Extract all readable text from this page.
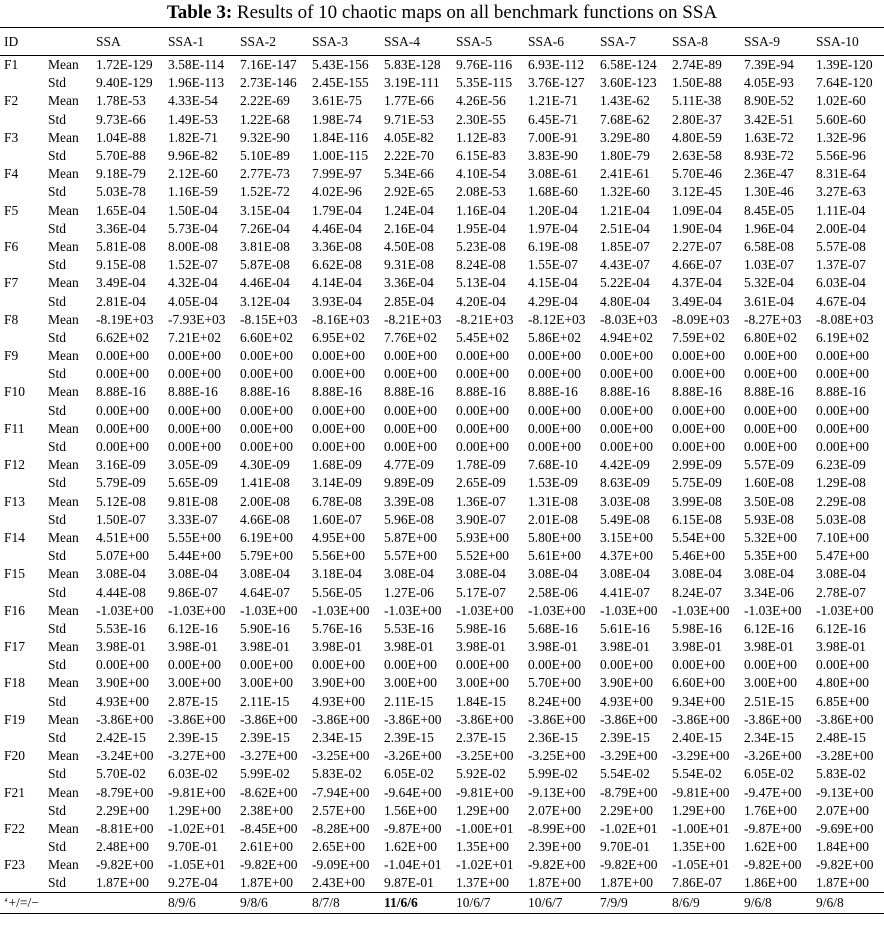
Table 3: Results of 10 chaotic maps on all benchmark functions on SSA
ID		SSA	SSA-1	SSA-2	SSA-3	SSA-4	SSA-5	SSA-6	SSA-7	SSA-8	SSA-9	SSA-10
F1	Mean	1.72E-129	3.58E-114	7.16E-147	5.43E-156	5.83E-128	9.76E-116	6.93E-112	6.58E-124	2.74E-89	7.39E-94	1.39E-120
	Std	9.40E-129	1.96E-113	2.73E-146	2.45E-155	3.19E-111	5.35E-115	3.76E-127	3.60E-123	1.50E-88	4.05E-93	7.64E-120
F2	Mean	1.78E-53	4.33E-54	2.22E-69	3.61E-75	1.77E-66	4.26E-56	1.21E-71	1.43E-62	5.11E-38	8.90E-52	1.02E-60
	Std	9.73E-66	1.49E-53	1.22E-68	1.98E-74	9.71E-53	2.30E-55	6.45E-71	7.68E-62	2.80E-37	3.42E-51	5.60E-60
F3	Mean	1.04E-88	1.82E-71	9.32E-90	1.84E-116	4.05E-82	1.12E-83	7.00E-91	3.29E-80	4.80E-59	1.63E-72	1.32E-96
	Std	5.70E-88	9.96E-82	5.10E-89	1.00E-115	2.22E-70	6.15E-83	3.83E-90	1.80E-79	2.63E-58	8.93E-72	5.56E-96
F4	Mean	9.18E-79	2.12E-60	2.77E-73	7.99E-97	5.34E-66	4.10E-54	3.08E-61	2.41E-61	5.70E-46	2.36E-47	8.31E-64
	Std	5.03E-78	1.16E-59	1.52E-72	4.02E-96	2.92E-65	2.08E-53	1.68E-60	1.32E-60	3.12E-45	1.30E-46	3.27E-63
F5	Mean	1.65E-04	1.50E-04	3.15E-04	1.79E-04	1.24E-04	1.16E-04	1.20E-04	1.21E-04	1.09E-04	8.45E-05	1.11E-04
	Std	3.36E-04	5.73E-04	7.26E-04	4.46E-04	2.16E-04	1.95E-04	1.97E-04	2.51E-04	1.90E-04	1.96E-04	2.00E-04
F6	Mean	5.81E-08	8.00E-08	3.81E-08	3.36E-08	4.50E-08	5.23E-08	6.19E-08	1.85E-07	2.27E-07	6.58E-08	5.57E-08
	Std	9.15E-08	1.52E-07	5.87E-08	6.62E-08	9.31E-08	8.24E-08	1.55E-07	4.43E-07	4.66E-07	1.03E-07	1.37E-07
F7	Mean	3.49E-04	4.32E-04	4.46E-04	4.14E-04	3.36E-04	5.13E-04	4.15E-04	5.22E-04	4.37E-04	5.32E-04	6.03E-04
	Std	2.81E-04	4.05E-04	3.12E-04	3.93E-04	2.85E-04	4.20E-04	4.29E-04	4.80E-04	3.49E-04	3.61E-04	4.67E-04
F8	Mean	-8.19E+03	-7.93E+03	-8.15E+03	-8.16E+03	-8.21E+03	-8.21E+03	-8.12E+03	-8.03E+03	-8.09E+03	-8.27E+03	-8.08E+03
	Std	6.62E+02	7.21E+02	6.60E+02	6.95E+02	7.76E+02	5.45E+02	5.86E+02	4.94E+02	7.59E+02	6.80E+02	6.19E+02
F9	Mean	0.00E+00	0.00E+00	0.00E+00	0.00E+00	0.00E+00	0.00E+00	0.00E+00	0.00E+00	0.00E+00	0.00E+00	0.00E+00
	Std	0.00E+00	0.00E+00	0.00E+00	0.00E+00	0.00E+00	0.00E+00	0.00E+00	0.00E+00	0.00E+00	0.00E+00	0.00E+00
F10	Mean	8.88E-16	8.88E-16	8.88E-16	8.88E-16	8.88E-16	8.88E-16	8.88E-16	8.88E-16	8.88E-16	8.88E-16	8.88E-16
	Std	0.00E+00	0.00E+00	0.00E+00	0.00E+00	0.00E+00	0.00E+00	0.00E+00	0.00E+00	0.00E+00	0.00E+00	0.00E+00
F11	Mean	0.00E+00	0.00E+00	0.00E+00	0.00E+00	0.00E+00	0.00E+00	0.00E+00	0.00E+00	0.00E+00	0.00E+00	0.00E+00
	Std	0.00E+00	0.00E+00	0.00E+00	0.00E+00	0.00E+00	0.00E+00	0.00E+00	0.00E+00	0.00E+00	0.00E+00	0.00E+00
F12	Mean	3.16E-09	3.05E-09	4.30E-09	1.68E-09	4.77E-09	1.78E-09	7.68E-10	4.42E-09	2.99E-09	5.57E-09	6.23E-09
	Std	5.79E-09	5.65E-09	1.41E-08	3.14E-09	9.89E-09	2.65E-09	1.53E-09	8.63E-09	5.75E-09	1.60E-08	1.29E-08
F13	Mean	5.12E-08	9.81E-08	2.00E-08	6.78E-08	3.39E-08	1.36E-07	1.31E-08	3.03E-08	3.99E-08	3.50E-08	2.29E-08
	Std	1.50E-07	3.33E-07	4.66E-08	1.60E-07	5.96E-08	3.90E-07	2.01E-08	5.49E-08	6.15E-08	5.93E-08	5.03E-08
F14	Mean	4.51E+00	5.55E+00	6.19E+00	4.95E+00	5.87E+00	5.93E+00	5.80E+00	3.15E+00	5.54E+00	5.32E+00	7.10E+00
	Std	5.07E+00	5.44E+00	5.79E+00	5.56E+00	5.57E+00	5.52E+00	5.61E+00	4.37E+00	5.46E+00	5.35E+00	5.47E+00
F15	Mean	3.08E-04	3.08E-04	3.08E-04	3.18E-04	3.08E-04	3.08E-04	3.08E-04	3.08E-04	3.08E-04	3.08E-04	3.08E-04
	Std	4.44E-08	9.86E-07	4.64E-07	5.56E-05	1.27E-06	5.17E-07	2.58E-06	4.41E-07	8.24E-07	3.34E-06	2.78E-07
F16	Mean	-1.03E+00	-1.03E+00	-1.03E+00	-1.03E+00	-1.03E+00	-1.03E+00	-1.03E+00	-1.03E+00	-1.03E+00	-1.03E+00	-1.03E+00
	Std	5.53E-16	6.12E-16	5.90E-16	5.76E-16	5.53E-16	5.98E-16	5.68E-16	5.61E-16	5.98E-16	6.12E-16	6.12E-16
F17	Mean	3.98E-01	3.98E-01	3.98E-01	3.98E-01	3.98E-01	3.98E-01	3.98E-01	3.98E-01	3.98E-01	3.98E-01	3.98E-01
	Std	0.00E+00	0.00E+00	0.00E+00	0.00E+00	0.00E+00	0.00E+00	0.00E+00	0.00E+00	0.00E+00	0.00E+00	0.00E+00
F18	Mean	3.90E+00	3.00E+00	3.00E+00	3.90E+00	3.00E+00	3.00E+00	5.70E+00	3.90E+00	6.60E+00	3.00E+00	4.80E+00
	Std	4.93E+00	2.87E-15	2.11E-15	4.93E+00	2.11E-15	1.84E-15	8.24E+00	4.93E+00	9.34E+00	2.51E-15	6.85E+00
F19	Mean	-3.86E+00	-3.86E+00	-3.86E+00	-3.86E+00	-3.86E+00	-3.86E+00	-3.86E+00	-3.86E+00	-3.86E+00	-3.86E+00	-3.86E+00
	Std	2.42E-15	2.39E-15	2.39E-15	2.34E-15	2.39E-15	2.37E-15	2.36E-15	2.39E-15	2.40E-15	2.34E-15	2.48E-15
F20	Mean	-3.24E+00	-3.27E+00	-3.27E+00	-3.25E+00	-3.26E+00	-3.25E+00	-3.25E+00	-3.29E+00	-3.29E+00	-3.26E+00	-3.28E+00
	Std	5.70E-02	6.03E-02	5.99E-02	5.83E-02	6.05E-02	5.92E-02	5.99E-02	5.54E-02	5.54E-02	6.05E-02	5.83E-02
F21	Mean	-8.79E+00	-9.81E+00	-8.62E+00	-7.94E+00	-9.64E+00	-9.81E+00	-9.13E+00	-8.79E+00	-9.81E+00	-9.47E+00	-9.13E+00
	Std	2.29E+00	1.29E+00	2.38E+00	2.57E+00	1.56E+00	1.29E+00	2.07E+00	2.29E+00	1.29E+00	1.76E+00	2.07E+00
F22	Mean	-8.81E+00	-1.02E+01	-8.45E+00	-8.28E+00	-9.87E+00	-1.00E+01	-8.99E+00	-1.02E+01	-1.00E+01	-9.87E+00	-9.69E+00
	Std	2.48E+00	9.70E-01	2.61E+00	2.65E+00	1.62E+00	1.35E+00	2.39E+00	9.70E-01	1.35E+00	1.62E+00	1.84E+00
F23	Mean	-9.82E+00	-1.05E+01	-9.82E+00	-9.09E+00	-1.04E+01	-1.02E+01	-9.82E+00	-9.82E+00	-1.05E+01	-9.82E+00	-9.82E+00
	Std	1.87E+00	9.27E-04	1.87E+00	2.43E+00	9.87E-01	1.37E+00	1.87E+00	1.87E+00	7.86E-07	1.86E+00	1.87E+00
‘+/=/−			8/9/6	9/8/6	8/7/8	11/6/6	10/6/7	10/6/7	7/9/9	8/6/9	9/6/8	9/6/8
